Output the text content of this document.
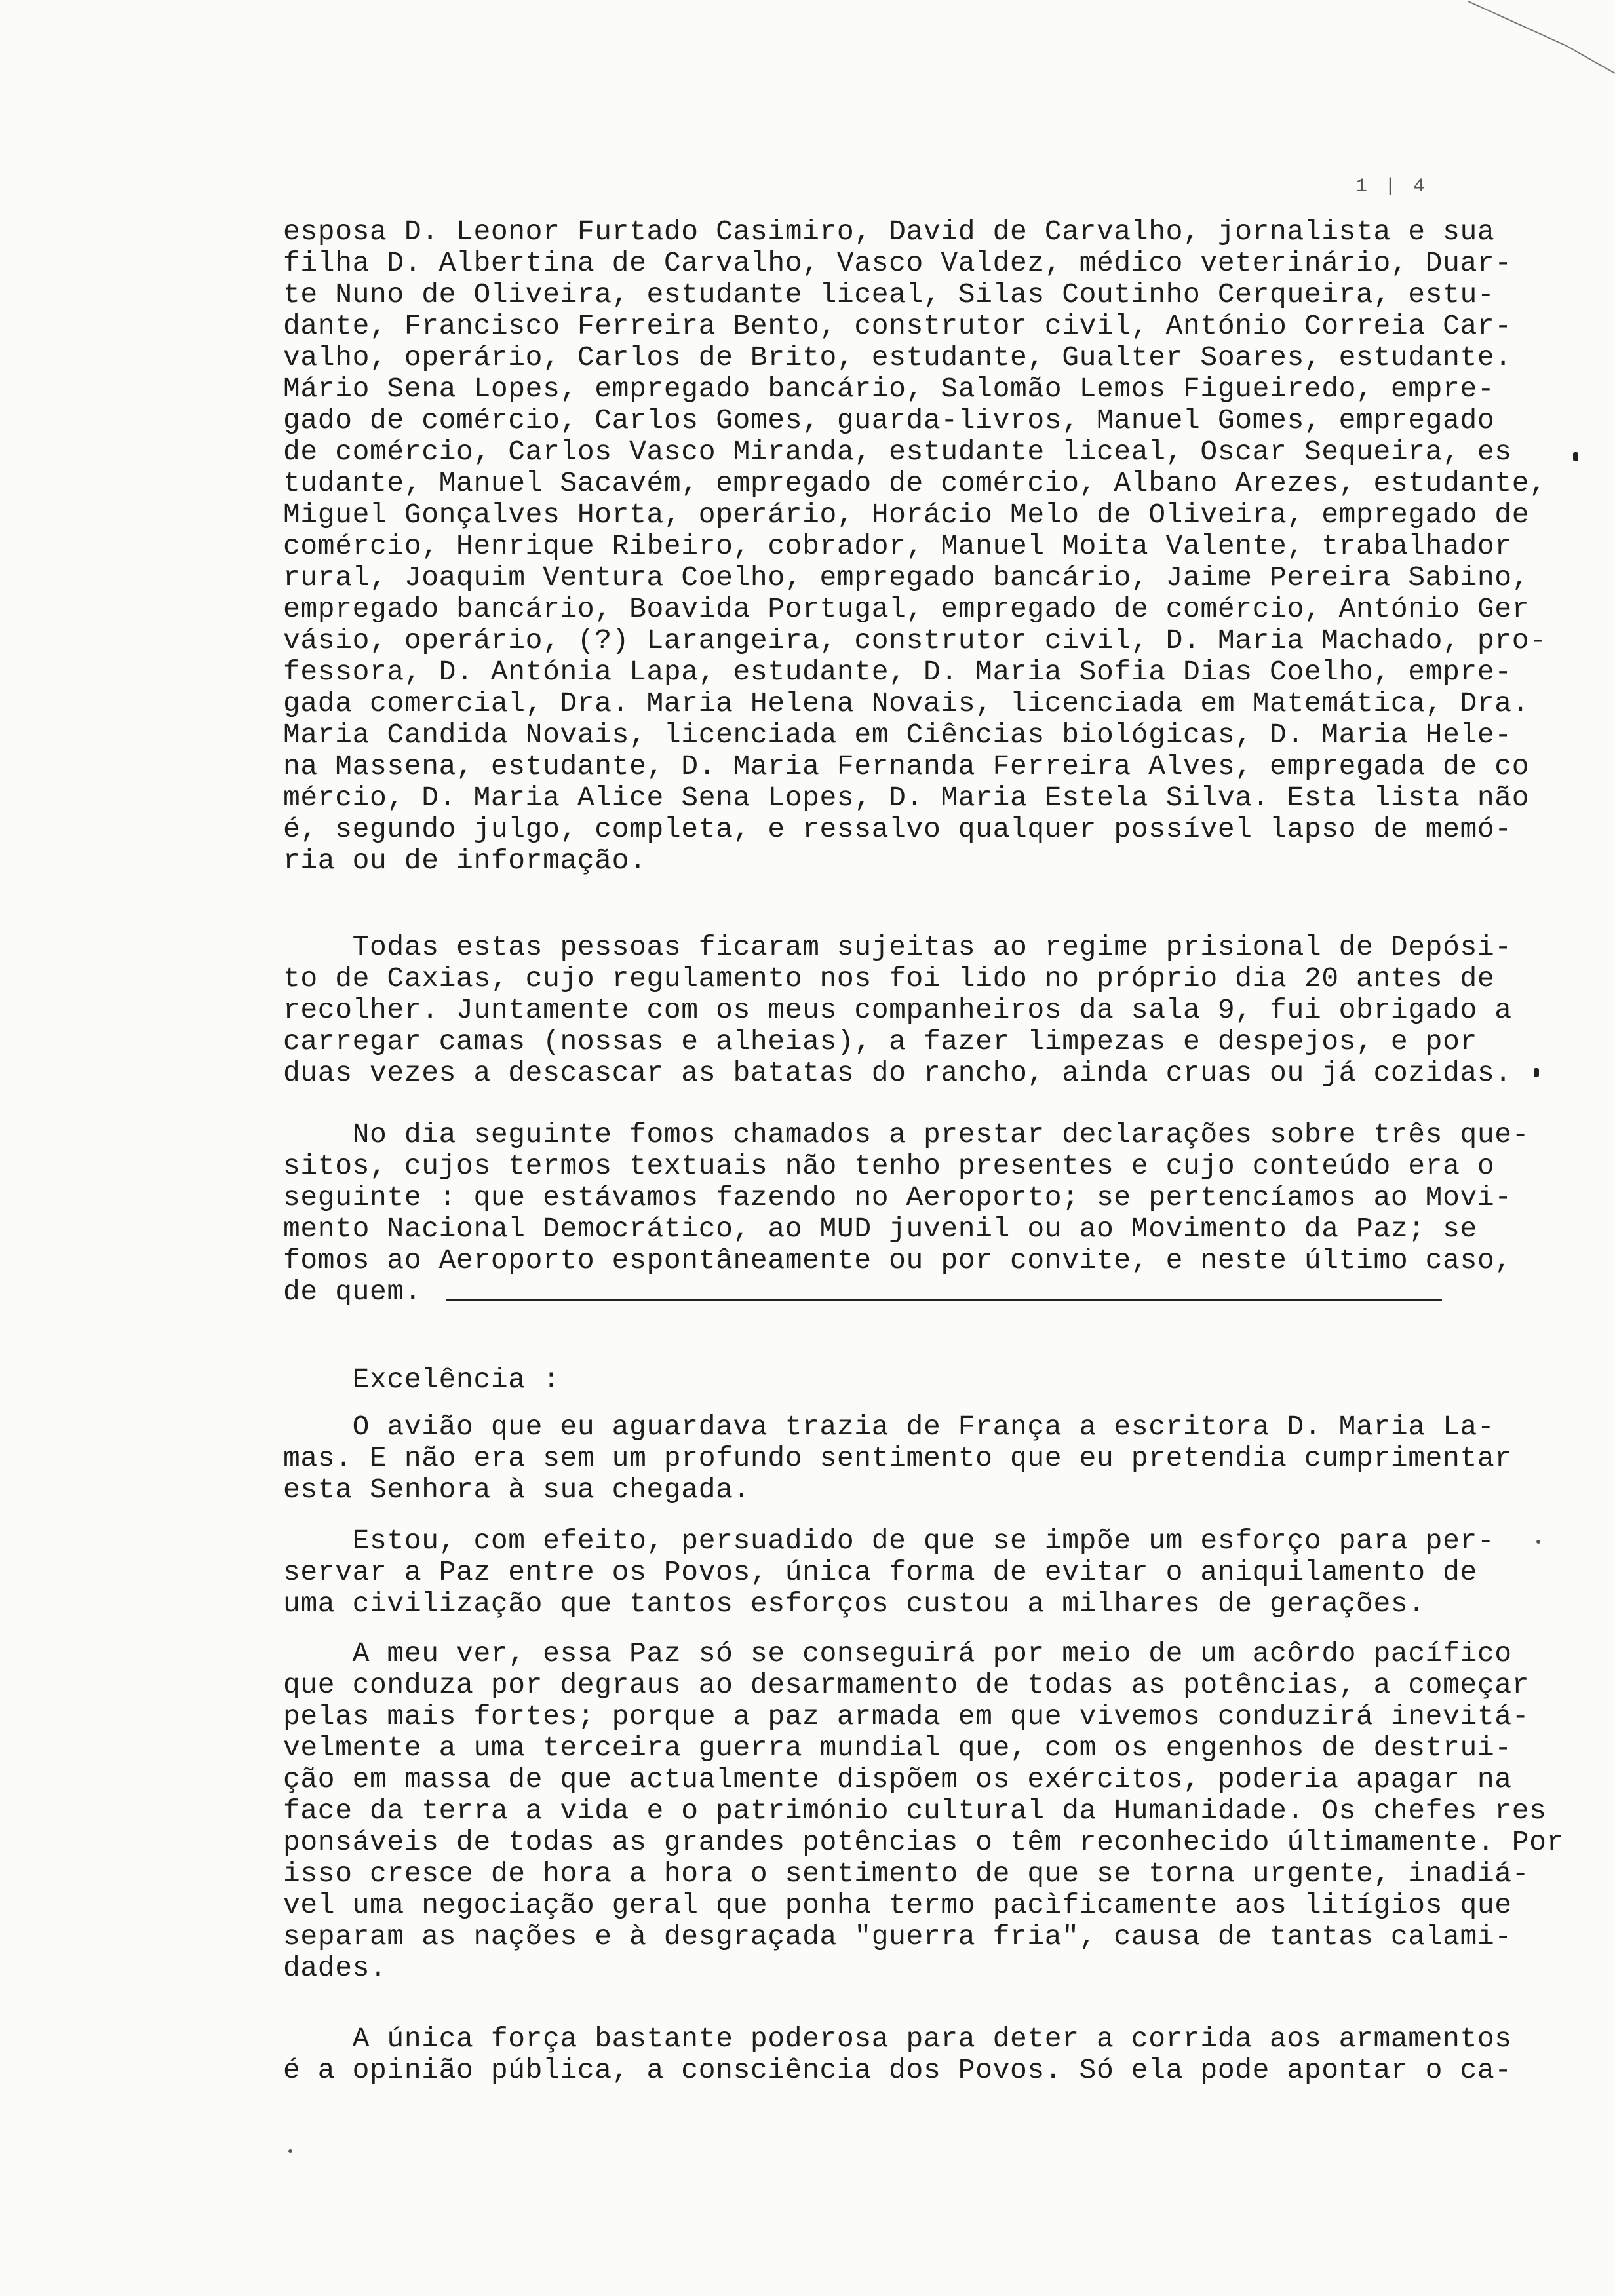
1 | 4
esposa D. Leonor Furtado Casimiro, David de Carvalho, jornalista e sua
filha D. Albertina de Carvalho, Vasco Valdez, médico veterinário, Duar-
te Nuno de Oliveira, estudante liceal, Silas Coutinho Cerqueira, estu-
dante, Francisco Ferreira Bento, construtor civil, António Correia Car-
valho, operário, Carlos de Brito, estudante, Gualter Soares, estudante.
Mário Sena Lopes, empregado bancário, Salomão Lemos Figueiredo, empre-
gado de comércio, Carlos Gomes, guarda-livros, Manuel Gomes, empregado
de comércio, Carlos Vasco Miranda, estudante liceal, Oscar Sequeira, es
tudante, Manuel Sacavém, empregado de comércio, Albano Arezes, estudante,
Miguel Gonçalves Horta, operário, Horácio Melo de Oliveira, empregado de
comércio, Henrique Ribeiro, cobrador, Manuel Moita Valente, trabalhador
rural, Joaquim Ventura Coelho, empregado bancário, Jaime Pereira Sabino,
empregado bancário, Boavida Portugal, empregado de comércio, António Ger
vásio, operário, (?) Larangeira, construtor civil, D. Maria Machado, pro-
fessora, D. Antónia Lapa, estudante, D. Maria Sofia Dias Coelho, empre-
gada comercial, Dra. Maria Helena Novais, licenciada em Matemática, Dra.
Maria Candida Novais, licenciada em Ciências biológicas, D. Maria Hele-
na Massena, estudante, D. Maria Fernanda Ferreira Alves, empregada de co
mércio, D. Maria Alice Sena Lopes, D. Maria Estela Silva. Esta lista não
é, segundo julgo, completa, e ressalvo qualquer possível lapso de memó-
ria ou de informação.
Todas estas pessoas ficaram sujeitas ao regime prisional de Depósi-
to de Caxias, cujo regulamento nos foi lido no próprio dia 20 antes de
recolher. Juntamente com os meus companheiros da sala 9, fui obrigado a
carregar camas (nossas e alheias), a fazer limpezas e despejos, e por
duas vezes a descascar as batatas do rancho, ainda cruas ou já cozidas.
No dia seguinte fomos chamados a prestar declarações sobre três que-
sitos, cujos termos textuais não tenho presentes e cujo conteúdo era o
seguinte : que estávamos fazendo no Aeroporto; se pertencíamos ao Movi-
mento Nacional Democrático, ao MUD juvenil ou ao Movimento da Paz; se
fomos ao Aeroporto espontâneamente ou por convite, e neste último caso,
de quem.
Excelência :
O avião que eu aguardava trazia de França a escritora D. Maria La-
mas. E não era sem um profundo sentimento que eu pretendia cumprimentar
esta Senhora à sua chegada.
Estou, com efeito, persuadido de que se impõe um esforço para per-
servar a Paz entre os Povos, única forma de evitar o aniquilamento de
uma civilização que tantos esforços custou a milhares de gerações.
A meu ver, essa Paz só se conseguirá por meio de um acôrdo pacífico
que conduza por degraus ao desarmamento de todas as potências, a começar
pelas mais fortes; porque a paz armada em que vivemos conduzirá inevitá-
velmente a uma terceira guerra mundial que, com os engenhos de destrui-
ção em massa de que actualmente dispõem os exércitos, poderia apagar na
face da terra a vida e o património cultural da Humanidade. Os chefes res
ponsáveis de todas as grandes potências o têm reconhecido últimamente. Por
isso cresce de hora a hora o sentimento de que se torna urgente, inadiá-
vel uma negociação geral que ponha termo pacìficamente aos litígios que
separam as nações e à desgraçada "guerra fria", causa de tantas calami-
dades.
A única força bastante poderosa para deter a corrida aos armamentos
é a opinião pública, a consciência dos Povos. Só ela pode apontar o ca-
